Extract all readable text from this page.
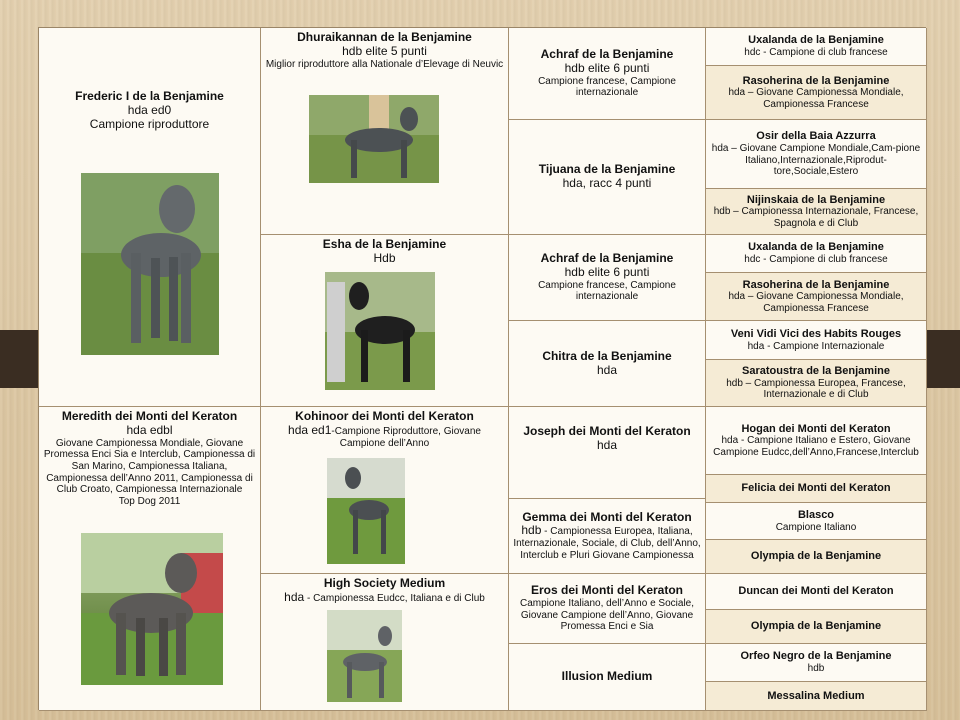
Frederic I de la Benjamine
hda ed0
Campione riproduttore
Meredith dei Monti del Keraton
hda edbl
Giovane Campionessa Mondiale, Giovane Promessa Enci Sia e Interclub, Campionessa di San Marino, Campionessa Italiana, Campionessa dell’Anno 2011, Campionessa di Club Croato, Campionessa Internazionale
Top Dog 2011
Dhuraikannan de la Benjamine
hdb elite 5 punti
Miglior riproduttore alla Nationale d’Elevage di Neuvic
Esha de la Benjamine
Hdb
Kohinoor dei Monti del Keraton
hda ed1-Campione Riproduttore, Giovane Campione dell’Anno
High Society Medium
hda - Campionessa Eudcc, Italiana e di Club
Achraf de la Benjamine
hdb elite 6 punti
Campione francese, Campione internazionale
Tijuana de la Benjamine
hda, racc 4 punti
Achraf de la Benjamine
hdb elite 6 punti
Campione francese, Campione internazionale
Chitra de la Benjamine
hda
Joseph dei Monti del Keraton
hda
Gemma dei Monti del Keraton
hdb - Campionessa Europea, Italiana, Internazionale, Sociale, di Club, dell’Anno, Interclub e Pluri Giovane Campionessa
Eros dei Monti del Keraton
Campione Italiano, dell’Anno e Sociale, Giovane Campione dell’Anno, Giovane Promessa Enci e Sia
Illusion Medium
Uxalanda de la Benjamine
hdc - Campione di club francese
Rasoherina de la Benjamine
hda – Giovane Campionessa Mondiale, Campionessa Francese
Osir della Baia Azzurra
hda – Giovane Campione Mondiale,Cam-pione Italiano,Internazionale,Riprodut-tore,Sociale,Estero
Nijinskaia de la Benjamine
hdb – Campionessa Internazionale, Francese, Spagnola e di Club
Uxalanda de la Benjamine
hdc - Campione di club francese
Rasoherina de la Benjamine
hda – Giovane Campionessa Mondiale, Campionessa Francese
Veni Vidi Vici des Habits Rouges
hda - Campione Internazionale
Saratoustra de la Benjamine
hdb – Campionessa Europea, Francese, Internazionale e di Club
Hogan dei Monti del Keraton
hda - Campione Italiano e Estero, Giovane Campione Eudcc,dell’Anno,Francese,Interclub
Felicia dei Monti del Keraton
Blasco
Campione Italiano
Olympia de la Benjamine
Duncan dei Monti del Keraton
Olympia de la Benjamine
Orfeo Negro de la Benjamine
hdb
Messalina Medium
